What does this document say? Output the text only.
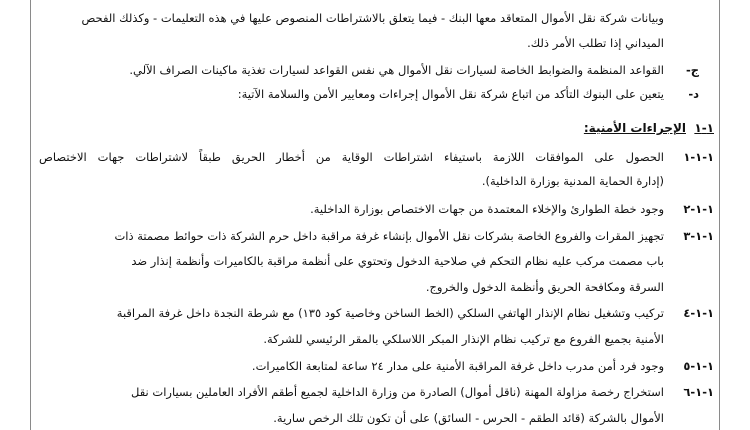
وبيانات شركة نقل الأموال المتعاقد معها البنك - فيما يتعلق بالاشتراطات المنصوص عليها في هذه التعليمات - وكذلك الفحص
الميداني إذا تطلب الأمر ذلك.
ج-القواعد المنظمة والضوابط الخاصة لسيارات نقل الأموال هي نفس القواعد لسيارات تغذية ماكينات الصراف الآلي.
د-يتعين على البنوك التأكد من اتباع شركة نقل الأموال إجراءات ومعايير الأمن والسلامة الآتية:
١-١  الإجراءات الأمنية:
١-١-١الحصول على الموافقات اللازمة باستيفاء اشتراطات الوقاية من أخطار الحريق طبقاً لاشتراطات جهات الاختصاص
(إدارة الحماية المدنية بوزارة الداخلية).
١-١-٢وجود خطة الطوارئ والإخلاء المعتمدة من جهات الاختصاص بوزارة الداخلية.
١-١-٣تجهيز المقرات والفروع الخاصة بشركات نقل الأموال بإنشاء غرفة مراقبة داخل حرم الشركة ذات حوائط مصمتة ذات
باب مصمت مركب عليه نظام التحكم في صلاحية الدخول وتحتوي على أنظمة مراقبة بالكاميرات وأنظمة إنذار ضد
السرقة ومكافحة الحريق وأنظمة الدخول والخروج.
١-١-٤تركيب وتشغيل نظام الإنذار الهاتفي السلكي (الخط الساخن وخاصية كود ١٣٥) مع شرطة النجدة داخل غرفة المراقبة
الأمنية بجميع الفروع مع تركيب نظام الإنذار المبكر اللاسلكي بالمقر الرئيسي للشركة.
١-١-٥وجود فرد أمن مدرب داخل غرفة المراقبة الأمنية على مدار ٢٤ ساعة لمتابعة الكاميرات.
١-١-٦استخراج رخصة مزاولة المهنة (ناقل أموال) الصادرة من وزارة الداخلية لجميع أطقم الأفراد العاملين بسيارات نقل
الأموال بالشركة (قائد الطقم - الحرس - السائق) على أن تكون تلك الرخص سارية.
